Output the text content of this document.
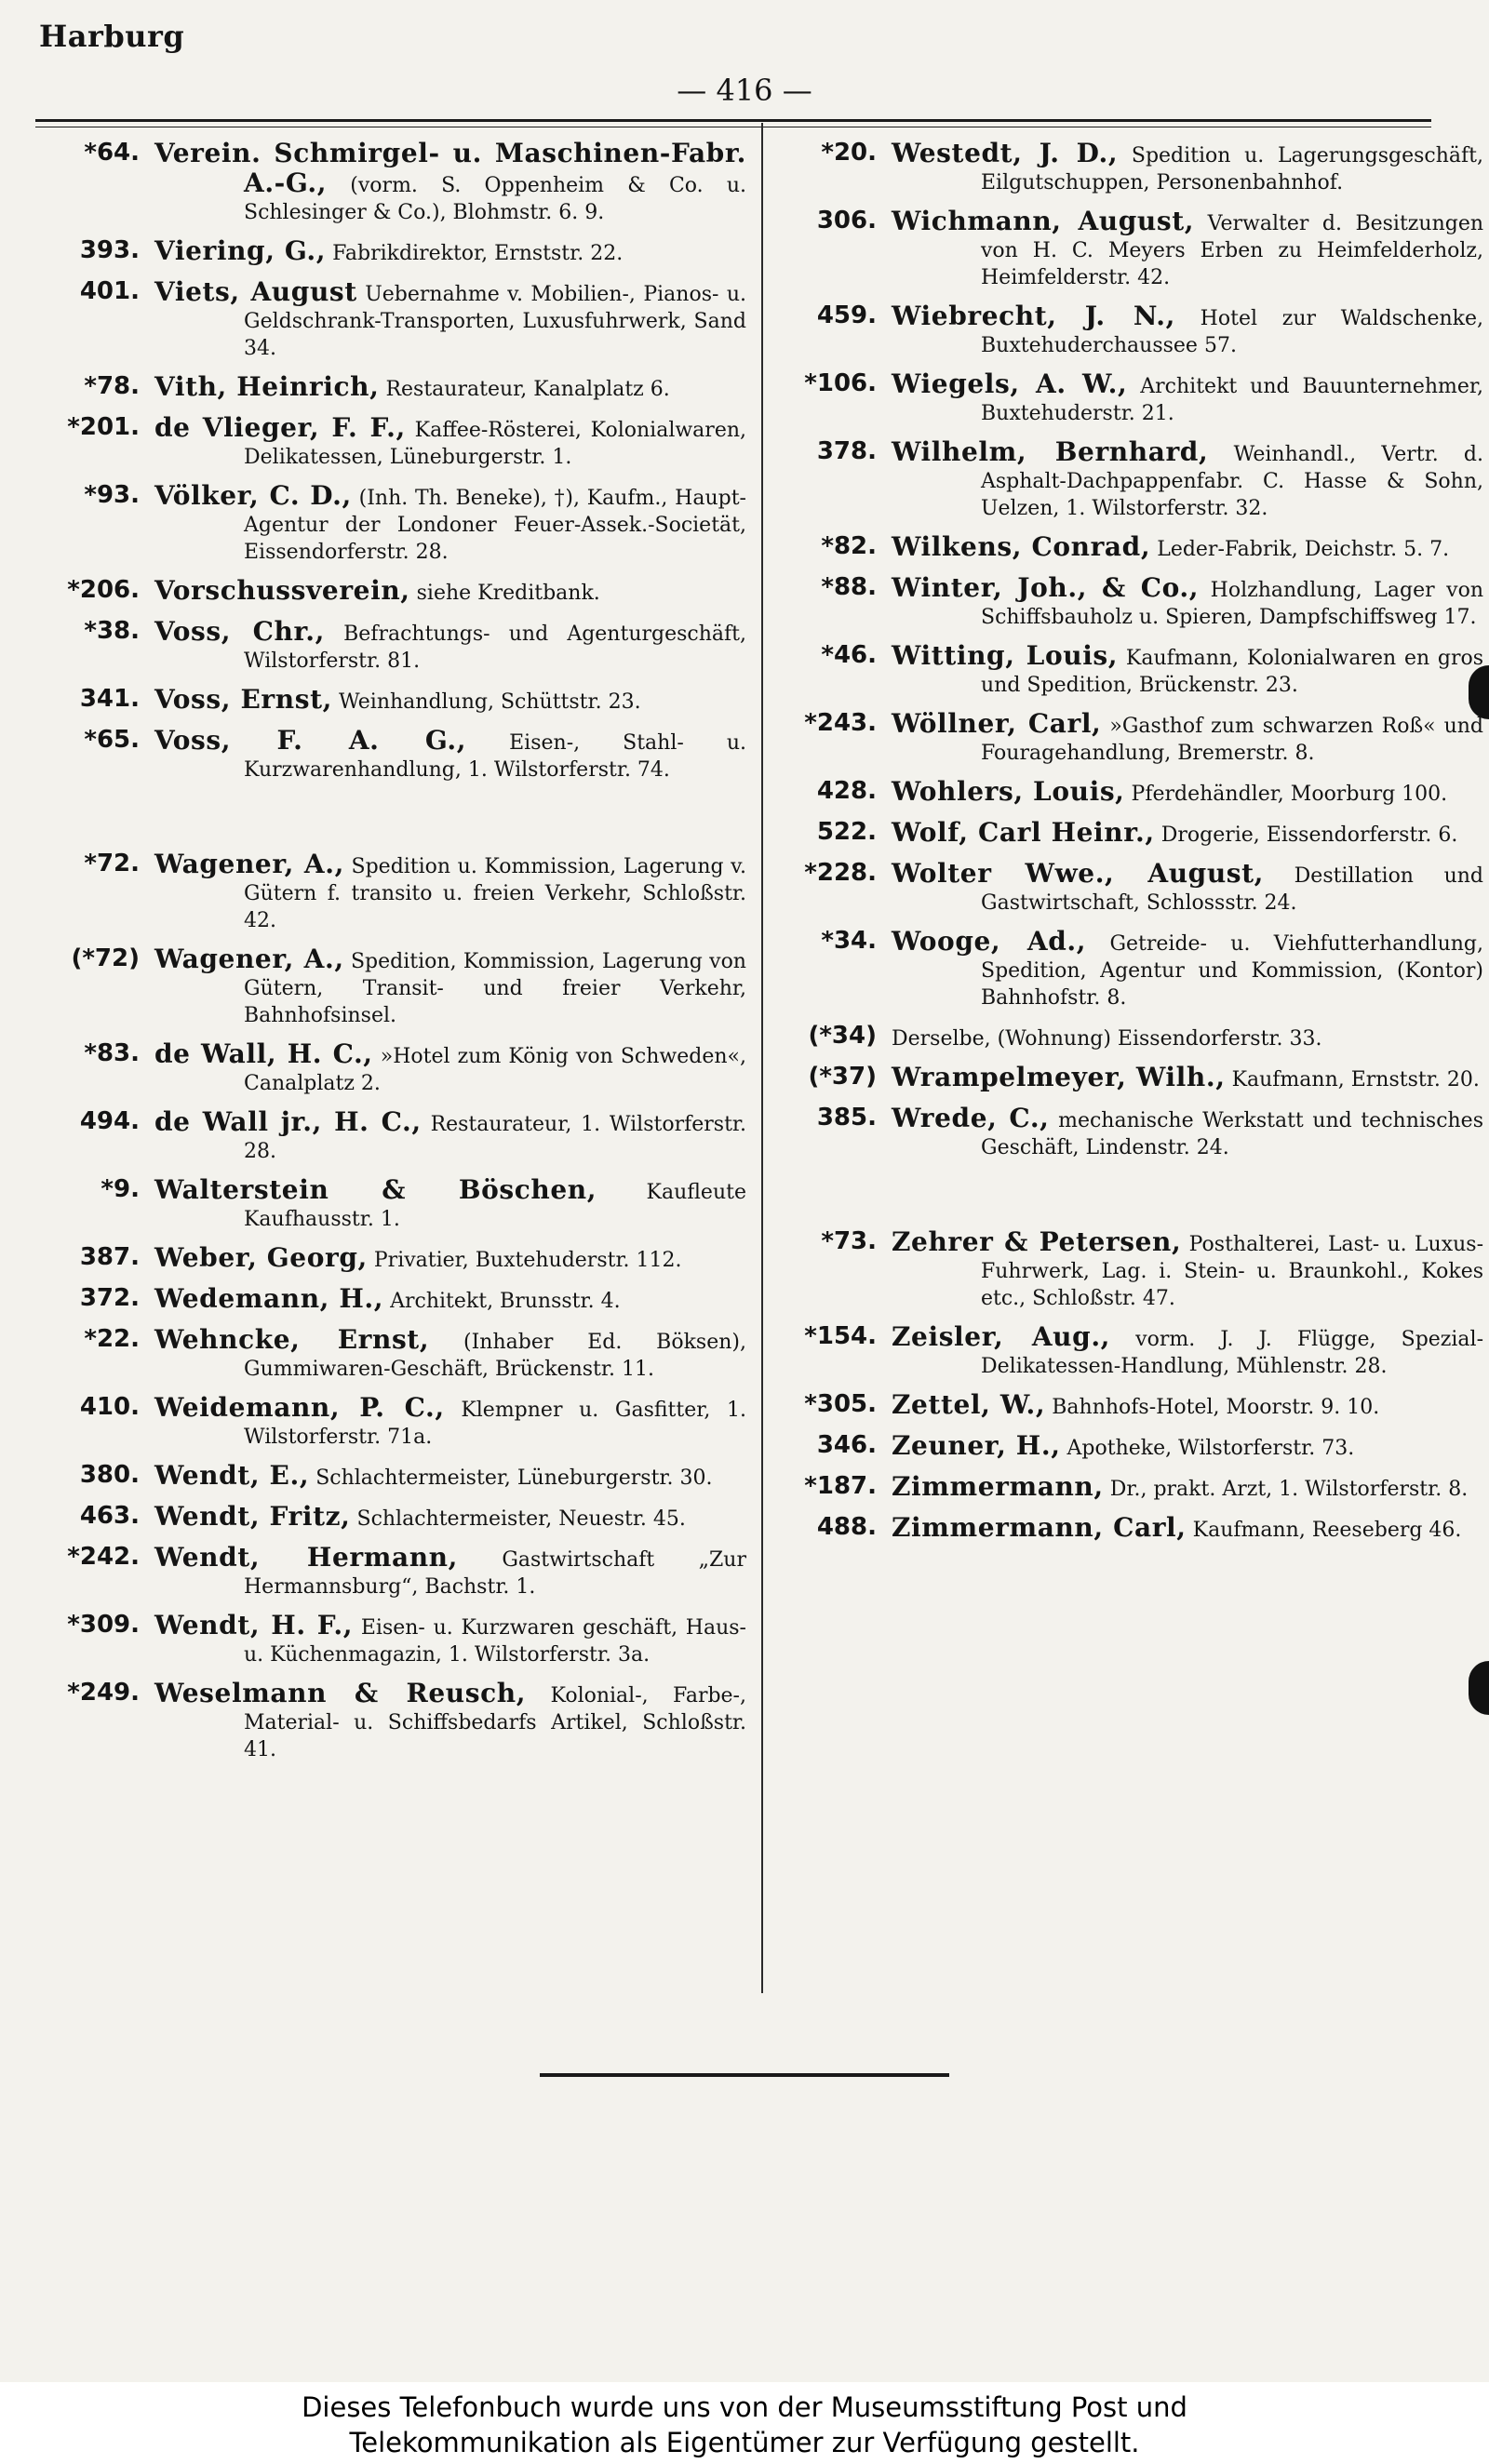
Harburg
— 416 —
*64. Verein. Schmirgel- u. Maschinen-Fabr. A.-G., (vorm. S. Oppenheim & Co. u. Schlesinger & Co.), Blohmstr. 6. 9.
393. Viering, G., Fabrikdirektor, Ernststr. 22.
401. Viets, August Uebernahme v. Mobilien-, Pianos- u. Geldschrank-Transporten, Luxusfuhrwerk, Sand 34.
*78. Vith, Heinrich, Restaurateur, Kanalplatz 6.
*201. de Vlieger, F. F., Kaffee-Rösterei, Kolonialwaren, Delikatessen, Lüneburgerstr. 1.
*93. Völker, C. D., (Inh. Th. Beneke), †), Kaufm., Haupt-Agentur der Londoner Feuer-Assek.-Societät, Eissendorferstr. 28.
*206. Vorschussverein, siehe Kreditbank.
*38. Voss, Chr., Befrachtungs- und Agenturgeschäft, Wilstorferstr. 81.
341. Voss, Ernst, Weinhandlung, Schüttstr. 23.
*65. Voss, F. A. G., Eisen-, Stahl- u. Kurzwarenhandlung, 1. Wilstorferstr. 74.
*72. Wagener, A., Spedition u. Kommission, Lagerung v. Gütern f. transito u. freien Verkehr, Schloßstr. 42.
(*72) Wagener, A., Spedition, Kommission, Lagerung von Gütern, Transit- und freier Verkehr, Bahnhofsinsel.
*83. de Wall, H. C., »Hotel zum König von Schweden«, Canalplatz 2.
494. de Wall jr., H. C., Restaurateur, 1. Wilstorferstr. 28.
*9. Walterstein & Böschen, Kaufleute Kaufhausstr. 1.
387. Weber, Georg, Privatier, Buxtehuderstr. 112.
372. Wedemann, H., Architekt, Brunsstr. 4.
*22. Wehncke, Ernst, (Inhaber Ed. Böksen), Gummiwaren-Geschäft, Brückenstr. 11.
410. Weidemann, P. C., Klempner u. Gasfitter, 1. Wilstorferstr. 71a.
380. Wendt, E., Schlachtermeister, Lüneburgerstr. 30.
463. Wendt, Fritz, Schlachtermeister, Neuestr. 45.
*242. Wendt, Hermann, Gastwirtschaft „Zur Hermannsburg“, Bachstr. 1.
*309. Wendt, H. F., Eisen- u. Kurzwaren geschäft, Haus- u. Küchenmagazin, 1. Wilstorferstr. 3a.
*249. Weselmann & Reusch, Kolonial-, Farbe-, Material- u. Schiffsbedarfs Artikel, Schloßstr. 41.
*20. Westedt, J. D., Spedition u. Lagerungsgeschäft, Eilgutschuppen, Personenbahnhof.
306. Wichmann, August, Verwalter d. Besitzungen von H. C. Meyers Erben zu Heimfelderholz, Heimfelderstr. 42.
459. Wiebrecht, J. N., Hotel zur Waldschenke, Buxtehuderchaussee 57.
*106. Wiegels, A. W., Architekt und Bauunternehmer, Buxtehuderstr. 21.
378. Wilhelm, Bernhard, Weinhandl., Vertr. d. Asphalt-Dachpappenfabr. C. Hasse & Sohn, Uelzen, 1. Wilstorferstr. 32.
*82. Wilkens, Conrad, Leder-Fabrik, Deichstr. 5. 7.
*88. Winter, Joh., & Co., Holzhandlung, Lager von Schiffsbauholz u. Spieren, Dampfschiffsweg 17.
*46. Witting, Louis, Kaufmann, Kolonialwaren en gros und Spedition, Brückenstr. 23.
*243. Wöllner, Carl, »Gasthof zum schwarzen Roß« und Fouragehandlung, Bremerstr. 8.
428. Wohlers, Louis, Pferdehändler, Moorburg 100.
522. Wolf, Carl Heinr., Drogerie, Eissendorferstr. 6.
*228. Wolter Wwe., August, Destillation und Gastwirtschaft, Schlossstr. 24.
*34. Wooge, Ad., Getreide- u. Viehfutterhandlung, Spedition, Agentur und Kommission, (Kontor) Bahnhofstr. 8.
(*34) Derselbe, (Wohnung) Eissendorferstr. 33.
(*37) Wrampelmeyer, Wilh., Kaufmann, Ernststr. 20.
385. Wrede, C., mechanische Werkstatt und technisches Geschäft, Lindenstr. 24.
*73. Zehrer & Petersen, Posthalterei, Last- u. Luxus-Fuhrwerk, Lag. i. Stein- u. Braunkohl., Kokes etc., Schloßstr. 47.
*154. Zeisler, Aug., vorm. J. J. Flügge, Spezial-Delikatessen-Handlung, Mühlenstr. 28.
*305. Zettel, W., Bahnhofs-Hotel, Moorstr. 9. 10.
346. Zeuner, H., Apotheke, Wilstorferstr. 73.
*187. Zimmermann, Dr., prakt. Arzt, 1. Wilstorferstr. 8.
488. Zimmermann, Carl, Kaufmann, Reeseberg 46.
Dieses Telefonbuch wurde uns von der Museumsstiftung Post und
Telekommunikation als Eigentümer zur Verfügung gestellt.
